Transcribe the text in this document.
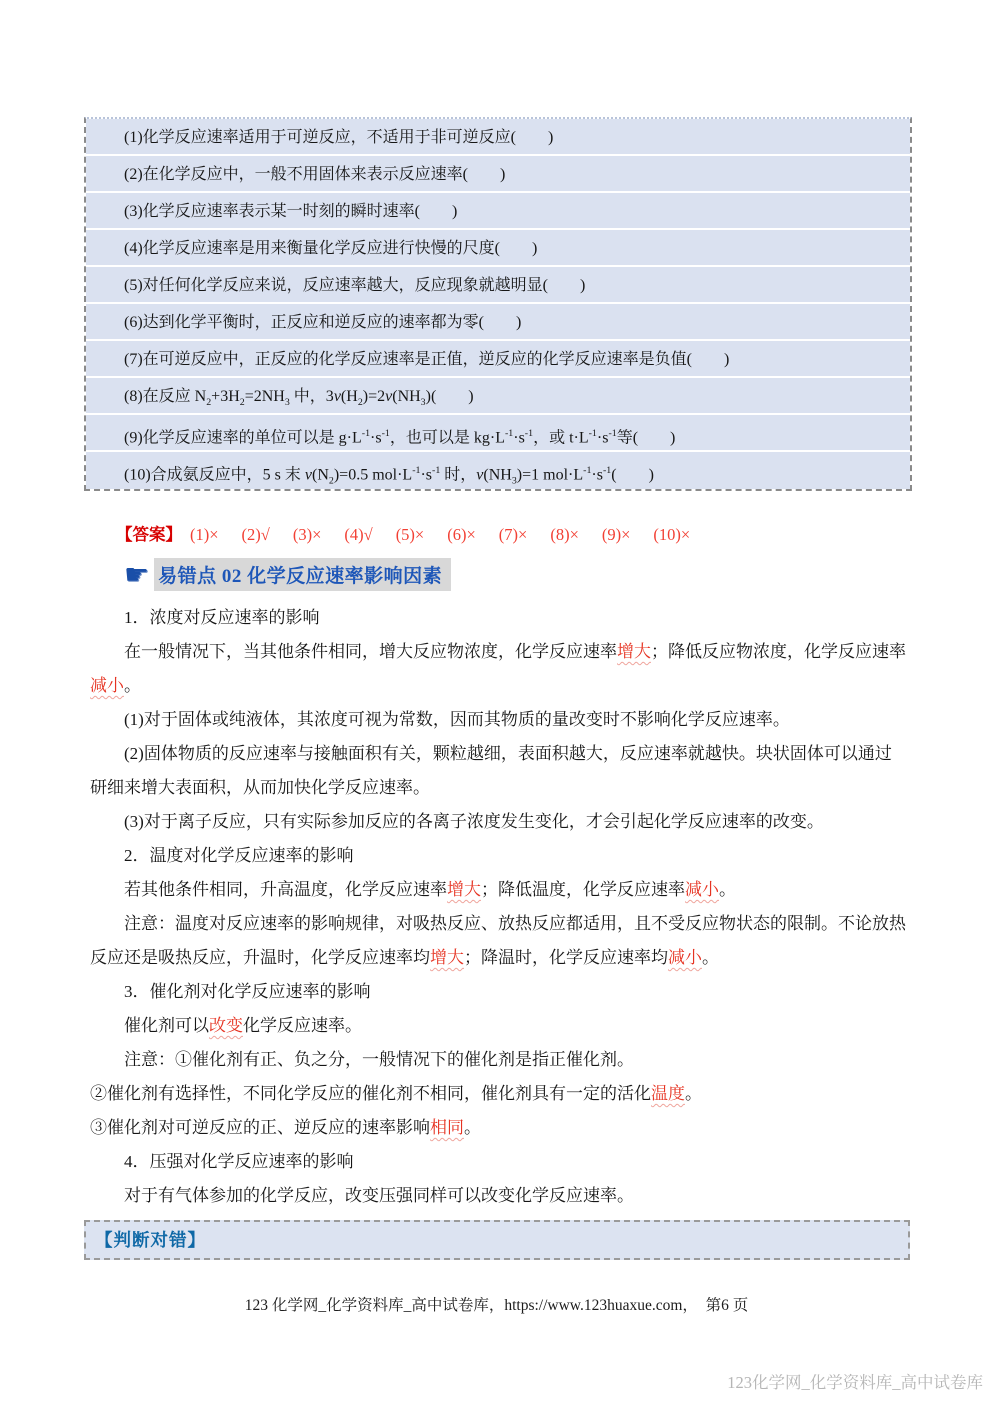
(1)化学反应速率适用于可逆反应，不适用于非可逆反应(　　)
(2)在化学反应中，一般不用固体来表示反应速率(　　)
(3)化学反应速率表示某一时刻的瞬时速率(　　)
(4)化学反应速率是用来衡量化学反应进行快慢的尺度(　　)
(5)对任何化学反应来说，反应速率越大，反应现象就越明显(　　)
(6)达到化学平衡时，正反应和逆反应的速率都为零(　　)
(7)在可逆反应中，正反应的化学反应速率是正值，逆反应的化学反应速率是负值(　　)
(8)在反应 $N_2+3H_2=2NH_3$ 中，$3v(H_2)=2v(NH_3)$(　　)
(9)化学反应速率的单位可以是 $g\cdot L^{-1}\cdot s^{-1}$，也可以是 $kg\cdot L^{-1}\cdot s^{-1}$，或 $t\cdot L^{-1}\cdot s^{-1}$等(　　)
(10)合成氨反应中，5 s 末 $v(N_2)=0.5$ $mol\cdot L^{-1}\cdot s^{-1}$ 时，$v(NH_3)=1$ $mol\cdot L^{-1}\cdot s^{-1}$(　　)
【答案】 (1)× (2)√ (3)× (4)√ (5)× (6)× (7)× (8)× (9)× (10)×
☛ 易错点 02 化学反应速率影响因素
1．浓度对反应速率的影响
在一般情况下，当其他条件相同，增大反应物浓度，化学反应速率增大；降低反应物浓度，化学反应速率减小。
(1)对于固体或纯液体，其浓度可视为常数，因而其物质的量改变时不影响化学反应速率。
(2)固体物质的反应速率与接触面积有关，颗粒越细，表面积越大，反应速率就越快。块状固体可以通过研细来增大表面积，从而加快化学反应速率。
(3)对于离子反应，只有实际参加反应的各离子浓度发生变化，才会引起化学反应速率的改变。
2．温度对化学反应速率的影响
若其他条件相同，升高温度，化学反应速率增大；降低温度，化学反应速率减小。
注意：温度对反应速率的影响规律，对吸热反应、放热反应都适用，且不受反应物状态的限制。不论放热反应还是吸热反应，升温时，化学反应速率均增大；降温时，化学反应速率均减小。
3．催化剂对化学反应速率的影响
催化剂可以改变化学反应速率。
注意：①催化剂有正、负之分，一般情况下的催化剂是指正催化剂。
②催化剂有选择性，不同化学反应的催化剂不相同，催化剂具有一定的活化温度。
③催化剂对可逆反应的正、逆反应的速率影响相同。
4．压强对化学反应速率的影响
对于有气体参加的化学反应，改变压强同样可以改变化学反应速率。
【判断对错】
123 化学网_化学资料库_高中试卷库，https://www.123huaxue.com，　第6 页
123化学网_化学资料库_高中试卷库
